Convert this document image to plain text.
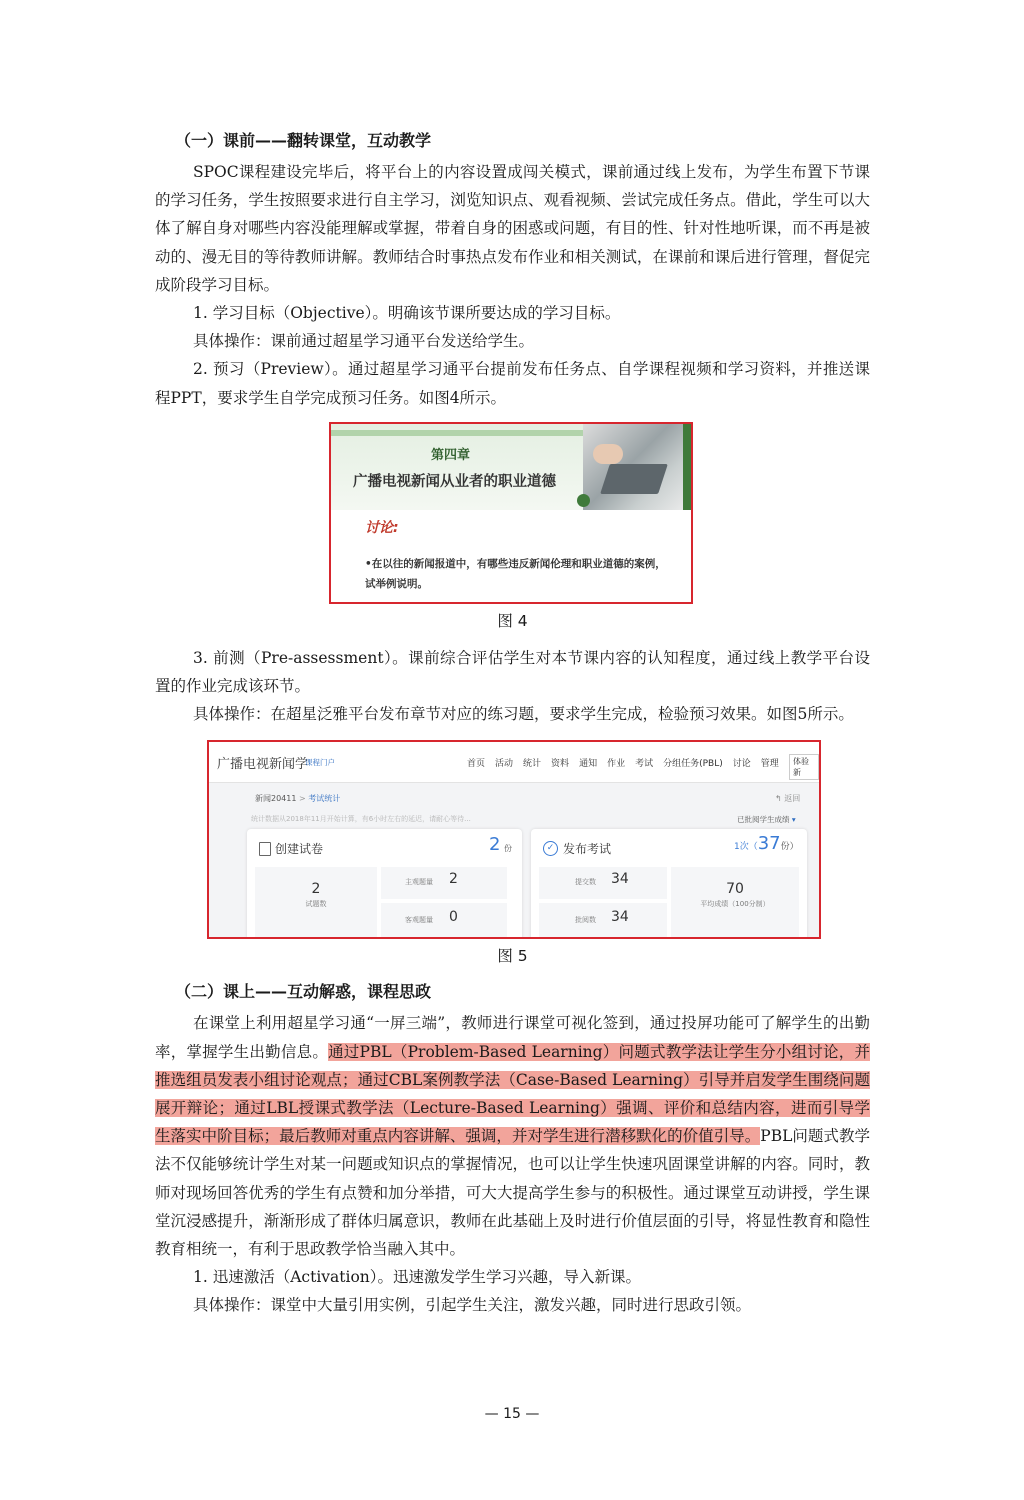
（一）课前——翻转课堂，互动教学

SPOC课程建设完毕后，将平台上的内容设置成闯关模式，课前通过线上发布，为学生布置下节课的学习任务，学生按照要求进行自主学习，浏览知识点、观看视频、尝试完成任务点。借此，学生可以大体了解自身对哪些内容没能理解或掌握，带着自身的困惑或问题，有目的性、针对性地听课，而不再是被动的、漫无目的等待教师讲解。教师结合时事热点发布作业和相关测试，在课前和课后进行管理，督促完成阶段学习目标。

1. 学习目标（Objective）。明确该节课所要达成的学习目标。

具体操作：课前通过超星学习通平台发送给学生。

2. 预习（Preview）。通过超星学习通平台提前发布任务点、自学课程视频和学习资料，并推送课程PPT，要求学生自学完成预习任务。如图4所示。

第四章
广播电视新闻从业者的职业道德
讨论:
•在以往的新闻报道中，有哪些违反新闻伦理和职业道德的案例，试举例说明。
图 4

3. 前测（Pre-assessment）。课前综合评估学生对本节课内容的认知程度，通过线上教学平台设置的作业完成该环节。

具体操作：在超星泛雅平台发布章节对应的练习题，要求学生完成，检验预习效果。如图5所示。

广播电视新闻学
课程门户	首页 活动 统计 资料 通知 作业 考试 分组任务(PBL) 讨论 管理	体验新
新闻20411 > 考试统计	↰ 返回
统计数据从2018年11月开始计算，有6小时左右的延迟，请耐心等待...	已批阅学生成绩 ▾
创建试卷	2 份
2
试题数
主观题量 2
客观题量 0
✓ 发布考试	1次（37份）
提交数 34
批阅数 34
70
平均成绩（100分制）
图 5
（二）课上——互动解惑，课程思政

在课堂上利用超星学习通“一屏三端”，教师进行课堂可视化签到，通过投屏功能可了解学生的出勤率，掌握学生出勤信息。通过PBL（Problem-Based Learning）问题式教学法让学生分小组讨论，并推选组员发表小组讨论观点；通过CBL案例教学法（Case-Based Learning）引导并启发学生围绕问题展开辩论；通过LBL授课式教学法（Lecture-Based Learning）强调、评价和总结内容，进而引导学生落实中阶目标；最后教师对重点内容讲解、强调，并对学生进行潜移默化的价值引导。PBL问题式教学法不仅能够统计学生对某一问题或知识点的掌握情况，也可以让学生快速巩固课堂讲解的内容。同时，教师对现场回答优秀的学生有点赞和加分举措，可大大提高学生参与的积极性。通过课堂互动讲授，学生课堂沉浸感提升，渐渐形成了群体归属意识，教师在此基础上及时进行价值层面的引导，将显性教育和隐性教育相统一，有利于思政教学恰当融入其中。

1. 迅速激活（Activation）。迅速激发学生学习兴趣，导入新课。

具体操作：课堂中大量引用实例，引起学生关注，激发兴趣，同时进行思政引领。

— 15 —
